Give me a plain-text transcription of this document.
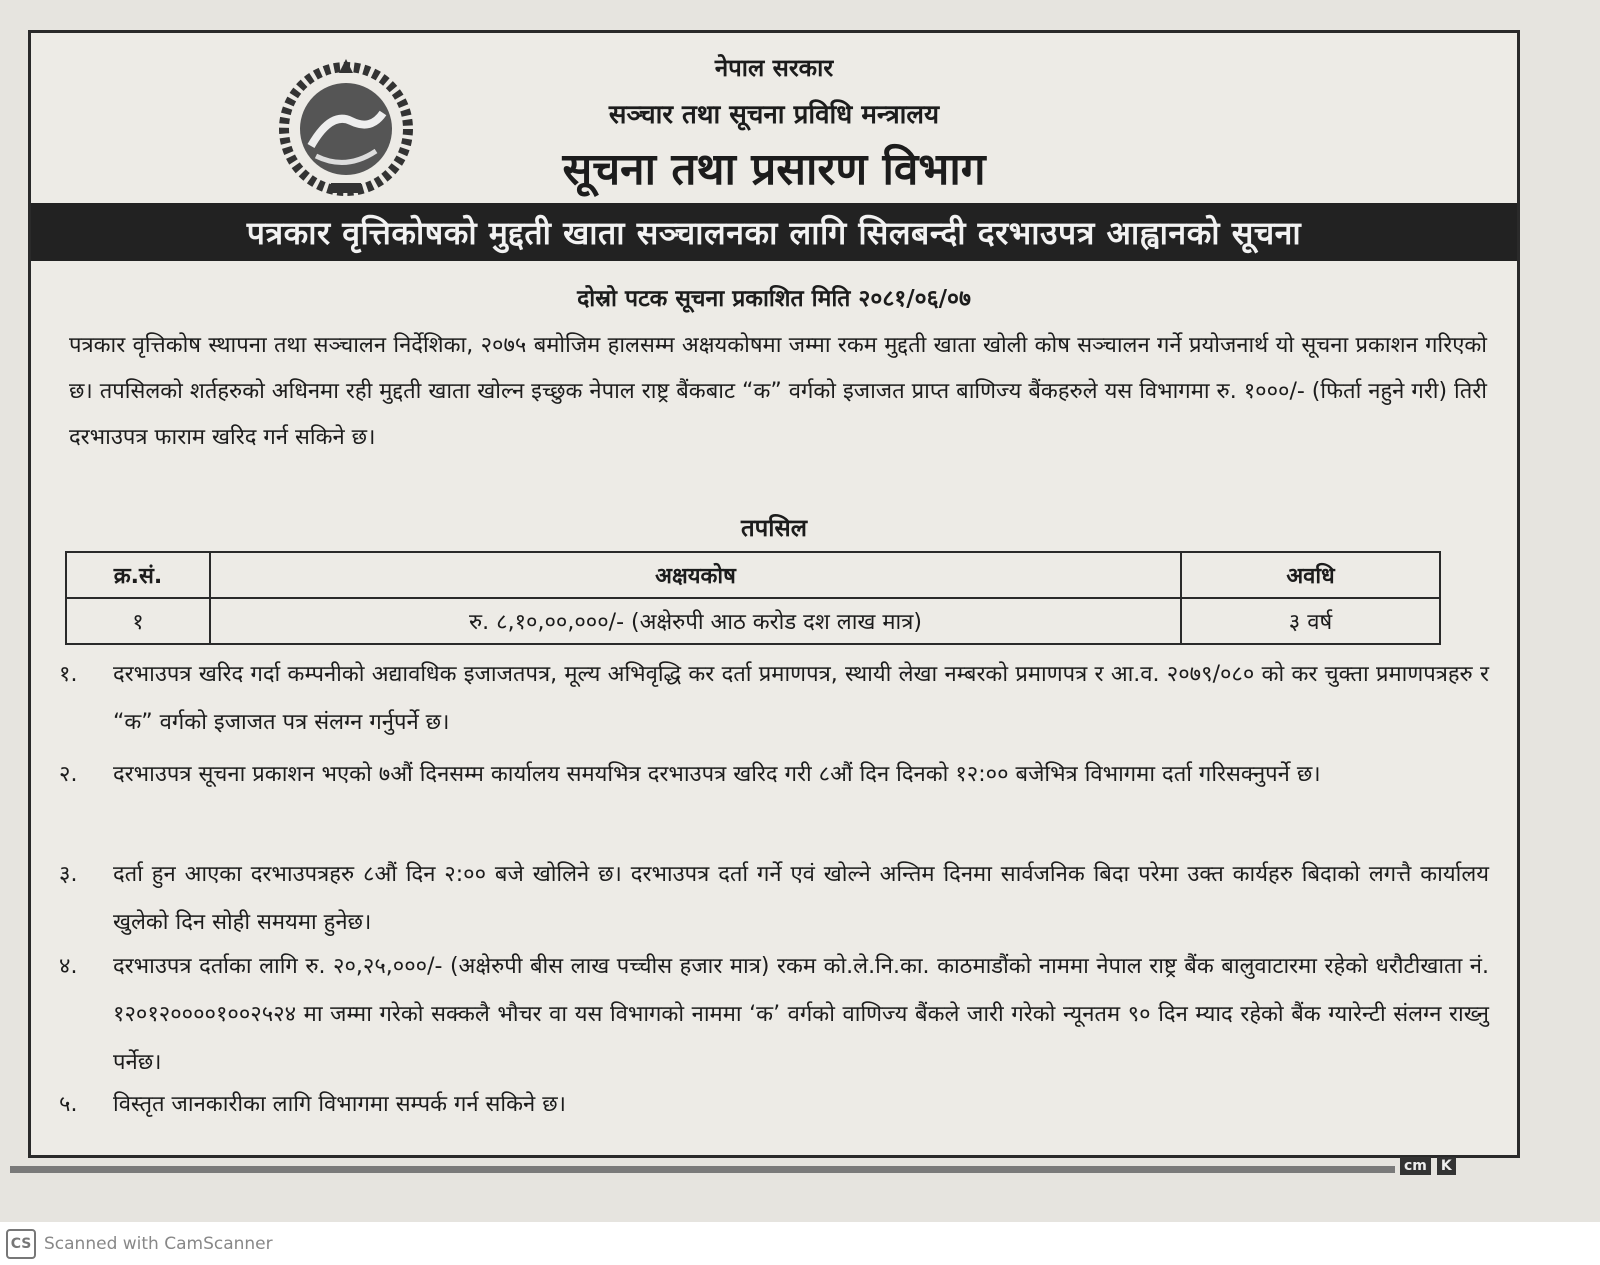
नेपाल सरकार
सञ्चार तथा सूचना प्रविधि मन्त्रालय
सूचना तथा प्रसारण विभाग
पत्रकार वृत्तिकोषको मुद्दती खाता सञ्चालनका लागि सिलबन्दी दरभाउपत्र आह्वानको सूचना
दोस्रो पटक सूचना प्रकाशित मिति २०८१/०६/०७
पत्रकार वृत्तिकोष स्थापना तथा सञ्चालन निर्देशिका, २०७५ बमोजिम हालसम्म अक्षयकोषमा जम्मा रकम मुद्दती खाता खोली कोष सञ्चालन गर्ने प्रयोजनार्थ यो सूचना प्रकाशन गरिएको छ। तपसिलको शर्तहरुको अधिनमा रही मुद्दती खाता खोल्न इच्छुक नेपाल राष्ट्र बैंकबाट “क” वर्गको इजाजत प्राप्त बाणिज्य बैंकहरुले यस विभागमा रु. १०००/- (फिर्ता नहुने गरी) तिरी दरभाउपत्र फाराम खरिद गर्न सकिने छ।
तपसिल
क्र.सं.	अक्षयकोष	अवधि
१	रु. ८,१०,००,०००/- (अक्षेरुपी आठ करोड दश लाख मात्र)	३ वर्ष
१.	दरभाउपत्र खरिद गर्दा कम्पनीको अद्यावधिक इजाजतपत्र, मूल्य अभिवृद्धि कर दर्ता प्रमाणपत्र, स्थायी लेखा नम्बरको प्रमाणपत्र र आ.व. २०७९/०८० को कर चुक्ता प्रमाणपत्रहरु र “क” वर्गको इजाजत पत्र संलग्न गर्नुपर्ने छ।
२.	दरभाउपत्र सूचना प्रकाशन भएको ७औं दिनसम्म कार्यालय समयभित्र दरभाउपत्र खरिद गरी ८औं दिन दिनको १२:०० बजेभित्र विभागमा दर्ता गरिसक्नुपर्ने छ।
३.	दर्ता हुन आएका दरभाउपत्रहरु ८औं दिन २:०० बजे खोलिने छ। दरभाउपत्र दर्ता गर्ने एवं खोल्ने अन्तिम दिनमा सार्वजनिक बिदा परेमा उक्त कार्यहरु बिदाको लगत्तै कार्यालय खुलेको दिन सोही समयमा हुनेछ।
४.	दरभाउपत्र दर्ताका लागि रु. २०,२५,०००/- (अक्षेरुपी बीस लाख पच्चीस हजार मात्र) रकम को.ले.नि.का. काठमाडौंको नाममा नेपाल राष्ट्र बैंक बालुवाटारमा रहेको धरौटीखाता नं. १२०१२००००१००२५२४ मा जम्मा गरेको सक्कलै भौचर वा यस विभागको नाममा ‘क’ वर्गको वाणिज्य बैंकले जारी गरेको न्यूनतम ९० दिन म्याद रहेको बैंक ग्यारेन्टी संलग्न राख्नु पर्नेछ।
५.	विस्तृत जानकारीका लागि विभागमा सम्पर्क गर्न सकिने छ।
cm K
CS Scanned with CamScanner
